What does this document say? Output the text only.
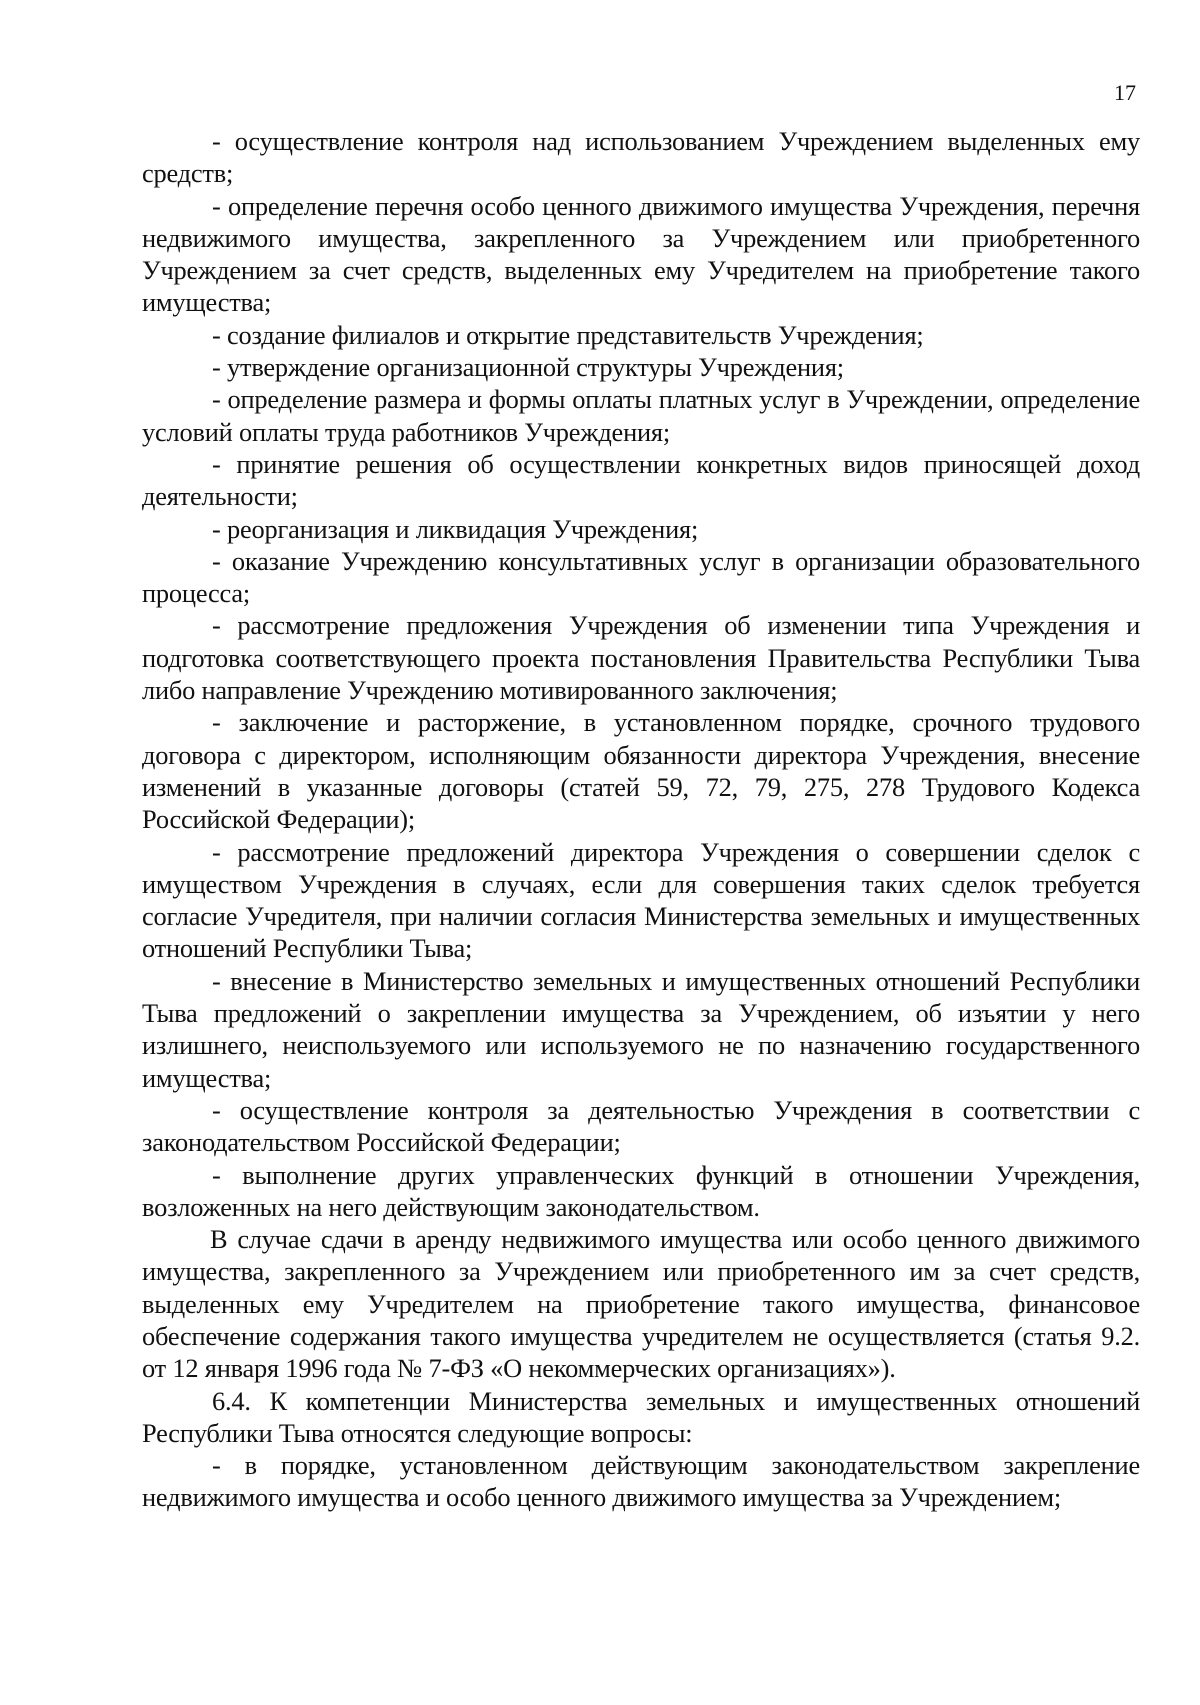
17

- осуществление контроля над использованием Учреждением выделенных ему средств;

- определение перечня особо ценного движимого имущества Учреждения, перечня недвижимого имущества, закрепленного за Учреждением или приобретенного Учреждением за счет средств, выделенных ему Учредителем на приобретение такого имущества;

- создание филиалов и открытие представительств Учреждения;

- утверждение организационной структуры Учреждения;

- определение размера и формы оплаты платных услуг в Учреждении, определение условий оплаты труда работников Учреждения;

- принятие решения об осуществлении конкретных видов приносящей доход деятельности;

- реорганизация и ликвидация Учреждения;

- оказание Учреждению консультативных услуг в организации образовательного процесса;

- рассмотрение предложения Учреждения об изменении типа Учреждения и подготовка соответствующего проекта постановления Правительства Республики Тыва либо направление Учреждению мотивированного заключения;

- заключение и расторжение, в установленном порядке, срочного трудового договора с директором, исполняющим обязанности директора Учреждения, внесение изменений в указанные договоры (статей 59, 72, 79, 275, 278 Трудового Кодекса Российской Федерации);

- рассмотрение предложений директора Учреждения о совершении сделок с имуществом Учреждения в случаях, если для совершения таких сделок требуется согласие Учредителя, при наличии согласия Министерства земельных и имущественных отношений Республики Тыва;

- внесение в Министерство земельных и имущественных отношений Республики Тыва предложений о закреплении имущества за Учреждением, об изъятии у него излишнего, неиспользуемого или используемого не по назначению государственного имущества;

- осуществление контроля за деятельностью Учреждения в соответствии с законодательством Российской Федерации;

- выполнение других управленческих функций в отношении Учреждения, возложенных на него действующим законодательством.

В случае сдачи в аренду недвижимого имущества или особо ценного движимого имущества, закрепленного за Учреждением или приобретенного им за счет средств, выделенных ему Учредителем на приобретение такого имущества, финансовое обеспечение содержания такого имущества учредителем не осуществляется (статья 9.2. от 12 января 1996 года № 7-ФЗ «О некоммерческих организациях»).

6.4. К компетенции Министерства земельных и имущественных отношений Республики Тыва относятся следующие вопросы:

- в порядке, установленном действующим законодательством закрепление недвижимого имущества и особо ценного движимого имущества за Учреждением;
